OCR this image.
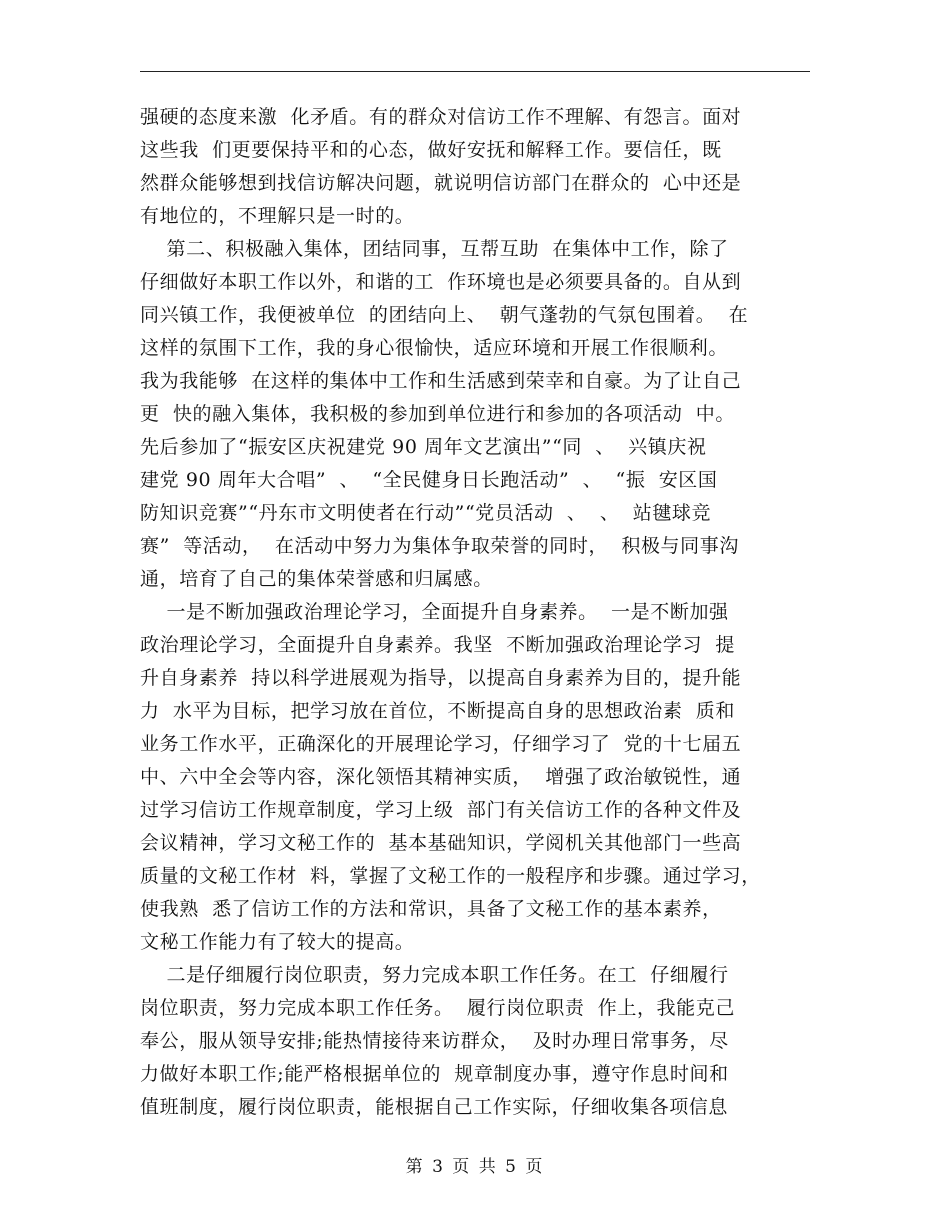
强硬的态度来激  化矛盾。有的群众对信访工作不理解、有怨言。面对
这些我  们更要保持平和的心态，做好安抚和解释工作。要信任，既
然群众能够想到找信访解决问题，就说明信访部门在群众的  心中还是
有地位的，不理解只是一时的。
第二、积极融入集体，团结同事，互帮互助  在集体中工作，除了
仔细做好本职工作以外，和谐的工  作环境也是必须要具备的。自从到
同兴镇工作，我便被单位  的团结向上、  朝气蓬勃的气氛包围着。  在
这样的氛围下工作，我的身心很愉快，适应环境和开展工作很顺利。
我为我能够  在这样的集体中工作和生活感到荣幸和自豪。为了让自己
更  快的融入集体，我积极的参加到单位进行和参加的各项活动  中。
先后参加了“振安区庆祝建党 90 周年文艺演出”“同  、  兴镇庆祝
建党 90 周年大合唱”  、  “全民健身日长跑活动”  、  “振  安区国
防知识竞赛”“丹东市文明使者在行动”“党员活动  、  、  站毽球竞
赛”  等活动，  在活动中努力为集体争取荣誉的同时，  积极与同事沟
通，培育了自己的集体荣誉感和归属感。
一是不断加强政治理论学习，全面提升自身素养。  一是不断加强
政治理论学习，全面提升自身素养。我坚  不断加强政治理论学习  提
升自身素养  持以科学进展观为指导，以提高自身素养为目的，提升能
力  水平为目标，把学习放在首位，不断提高自身的思想政治素  质和
业务工作水平，正确深化的开展理论学习，仔细学习了  党的十七届五
中、六中全会等内容，深化领悟其精神实质，  增强了政治敏锐性，通
过学习信访工作规章制度，学习上级  部门有关信访工作的各种文件及
会议精神，学习文秘工作的  基本基础知识，学阅机关其他部门一些高
质量的文秘工作材  料，掌握了文秘工作的一般程序和步骤。通过学习，
使我熟  悉了信访工作的方法和常识，具备了文秘工作的基本素养，
文秘工作能力有了较大的提高。
二是仔细履行岗位职责，努力完成本职工作任务。在工  仔细履行
岗位职责，努力完成本职工作任务。  履行岗位职责  作上，我能克己
奉公，服从领导安排;能热情接待来访群众，  及时办理日常事务，尽
力做好本职工作;能严格根据单位的  规章制度办事，遵守作息时间和
值班制度，履行岗位职责，能根据自己工作实际，仔细收集各项信息
第 3 页 共 5 页
